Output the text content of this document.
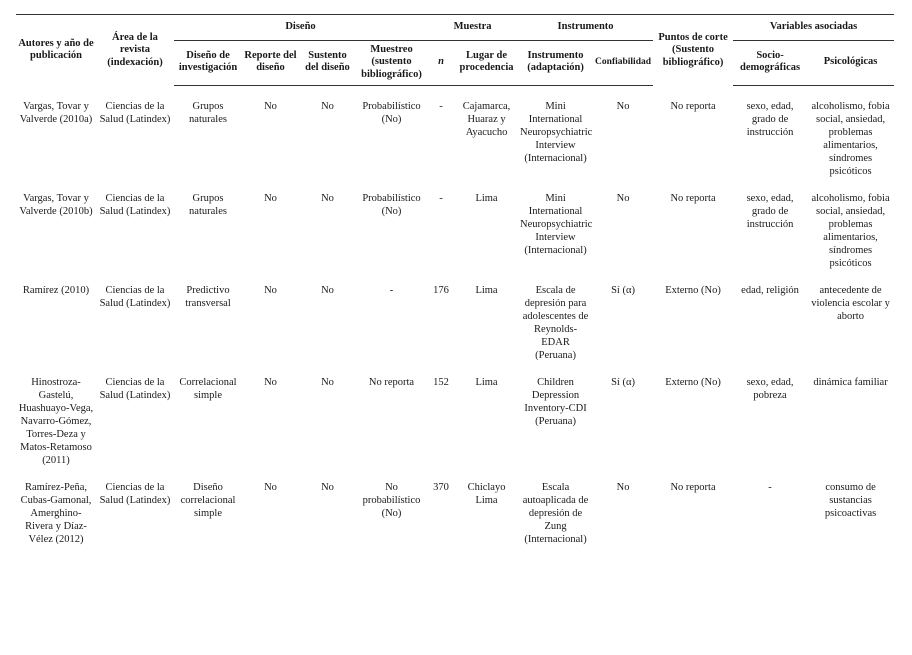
Autores y año de publicación	Área de la revista (indexación)	Diseño				Muestra		Instrumento		Puntos de corte (Sustento bibliográfico)	Variables asociadas	
		Diseño de investigación	Reporte del diseño	Sustento del diseño	Muestreo (sustento bibliográfico)	n	Lugar de procedencia	Instrumento (adaptación)	Confiabilidad		Socio-demográficas	Psicológicas
Vargas, Tovar y Valverde (2010a)	Ciencias de la Salud (Latindex)	Grupos naturales	No	No	Probabilístico (No)	-	Cajamarca, Huaraz y Ayacucho	Mini International Neuropsychiatric Interview (Internacional)	No	No reporta	sexo, edad, grado de instrucción	alcoholismo, fobia social, ansiedad, problemas alimentarios, síndromes psicóticos
Vargas, Tovar y Valverde (2010b)	Ciencias de la Salud (Latindex)	Grupos naturales	No	No	Probabilístico (No)	-	Lima	Mini International Neuropsychiatric Interview (Internacional)	No	No reporta	sexo, edad, grado de instrucción	alcoholismo, fobia social, ansiedad, problemas alimentarios, síndromes psicóticos
Ramírez (2010)	Ciencias de la Salud (Latindex)	Predictivo transversal	No	No	-	176	Lima	Escala de depresión para adolescentes de Reynolds-EDAR (Peruana)	Sí (α)	Externo (No)	edad, religión	antecedente de violencia escolar y aborto
Hinostroza-Gastelú, Huashuayo-Vega, Navarro-Gómez, Torres-Deza y Matos-Retamoso (2011)	Ciencias de la Salud (Latindex)	Correlacional simple	No	No	No reporta	152	Lima	Children Depression Inventory-CDI (Peruana)	Sí (α)	Externo (No)	sexo, edad, pobreza	dinámica familiar
Ramírez-Peña, Cubas-Gamonal, Amerghino-Rivera y Díaz-Vélez (2012)	Ciencias de la Salud (Latindex)	Diseño correlacional simple	No	No	No probabilístico (No)	370	Chiclayo Lima	Escala autoaplicada de depresión de Zung (Internacional)	No	No reporta	-	consumo de sustancias psicoactivas
